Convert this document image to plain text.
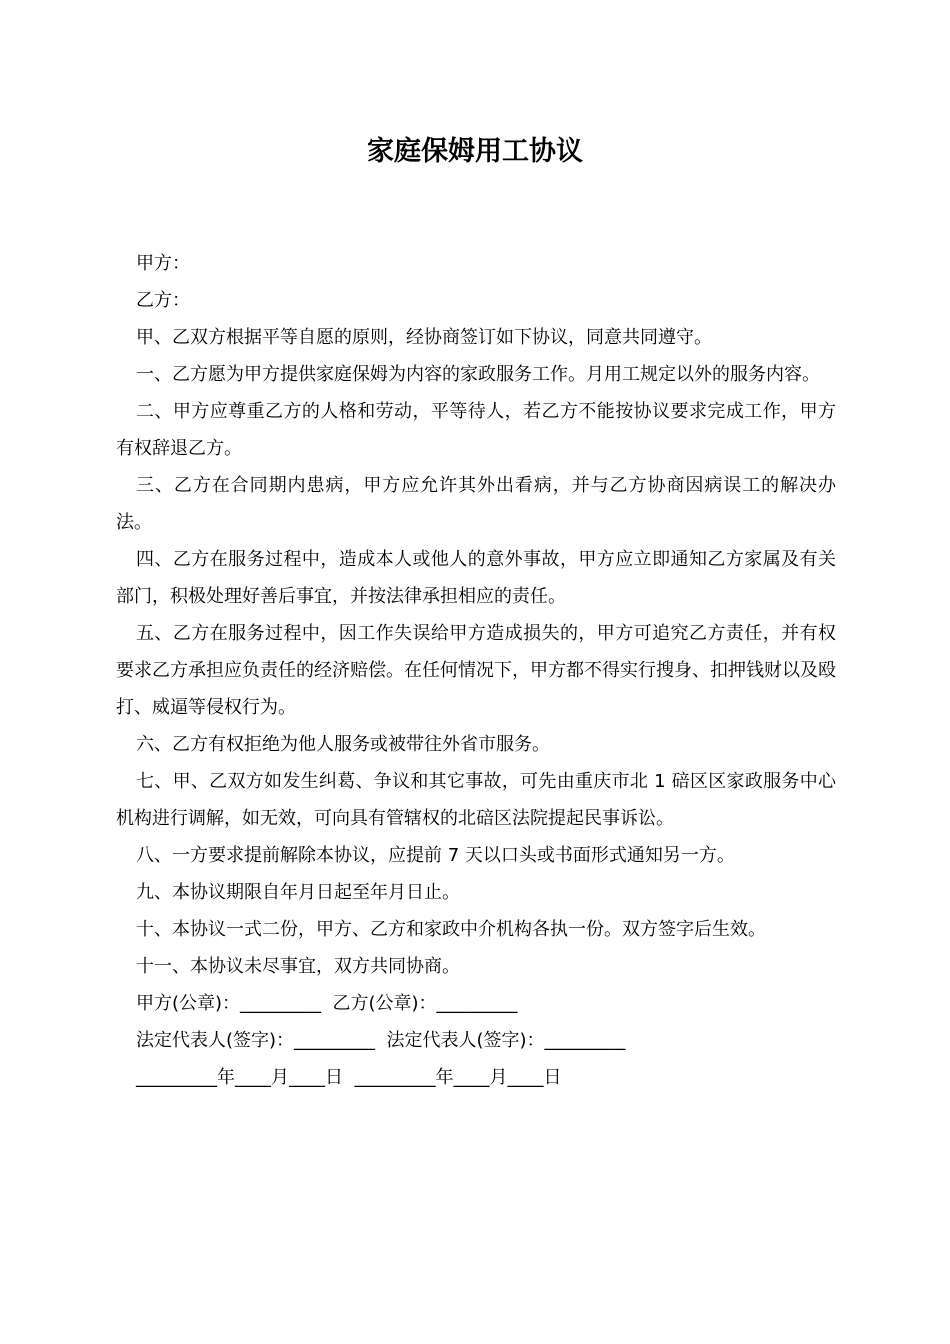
家庭保姆用工协议

甲方：

乙方：

甲、乙双方根据平等自愿的原则，经协商签订如下协议，同意共同遵守。

一、乙方愿为甲方提供家庭保姆为内容的家政服务工作。月用工规定以外的服务内容。

二、甲方应尊重乙方的人格和劳动，平等待人，若乙方不能按协议要求完成工作，甲方有权辞退乙方。

三、乙方在合同期内患病，甲方应允许其外出看病，并与乙方协商因病误工的解决办法。

四、乙方在服务过程中，造成本人或他人的意外事故，甲方应立即通知乙方家属及有关部门，积极处理好善后事宜，并按法律承担相应的责任。

五、乙方在服务过程中，因工作失误给甲方造成损失的，甲方可追究乙方责任，并有权要求乙方承担应负责任的经济赔偿。在任何情况下，甲方都不得实行搜身、扣押钱财以及殴打、威逼等侵权行为。

六、乙方有权拒绝为他人服务或被带往外省市服务。

七、甲、乙双方如发生纠葛、争议和其它事故，可先由重庆市北 1 碚区区家政服务中心机构进行调解，如无效，可向具有管辖权的北碚区法院提起民事诉讼。

八、一方要求提前解除本协议，应提前 7 天以口头或书面形式通知另一方。

九、本协议期限自年月日起至年月日止。

十、本协议一式二份，甲方、乙方和家政中介机构各执一份。双方签字后生效。

十一、本协议未尽事宜，双方共同协商。

甲方(公章)：_________  乙方(公章)：_________

法定代表人(签字)：_________  法定代表人(签字)：_________

_________年____月____日  _________年____月____日
